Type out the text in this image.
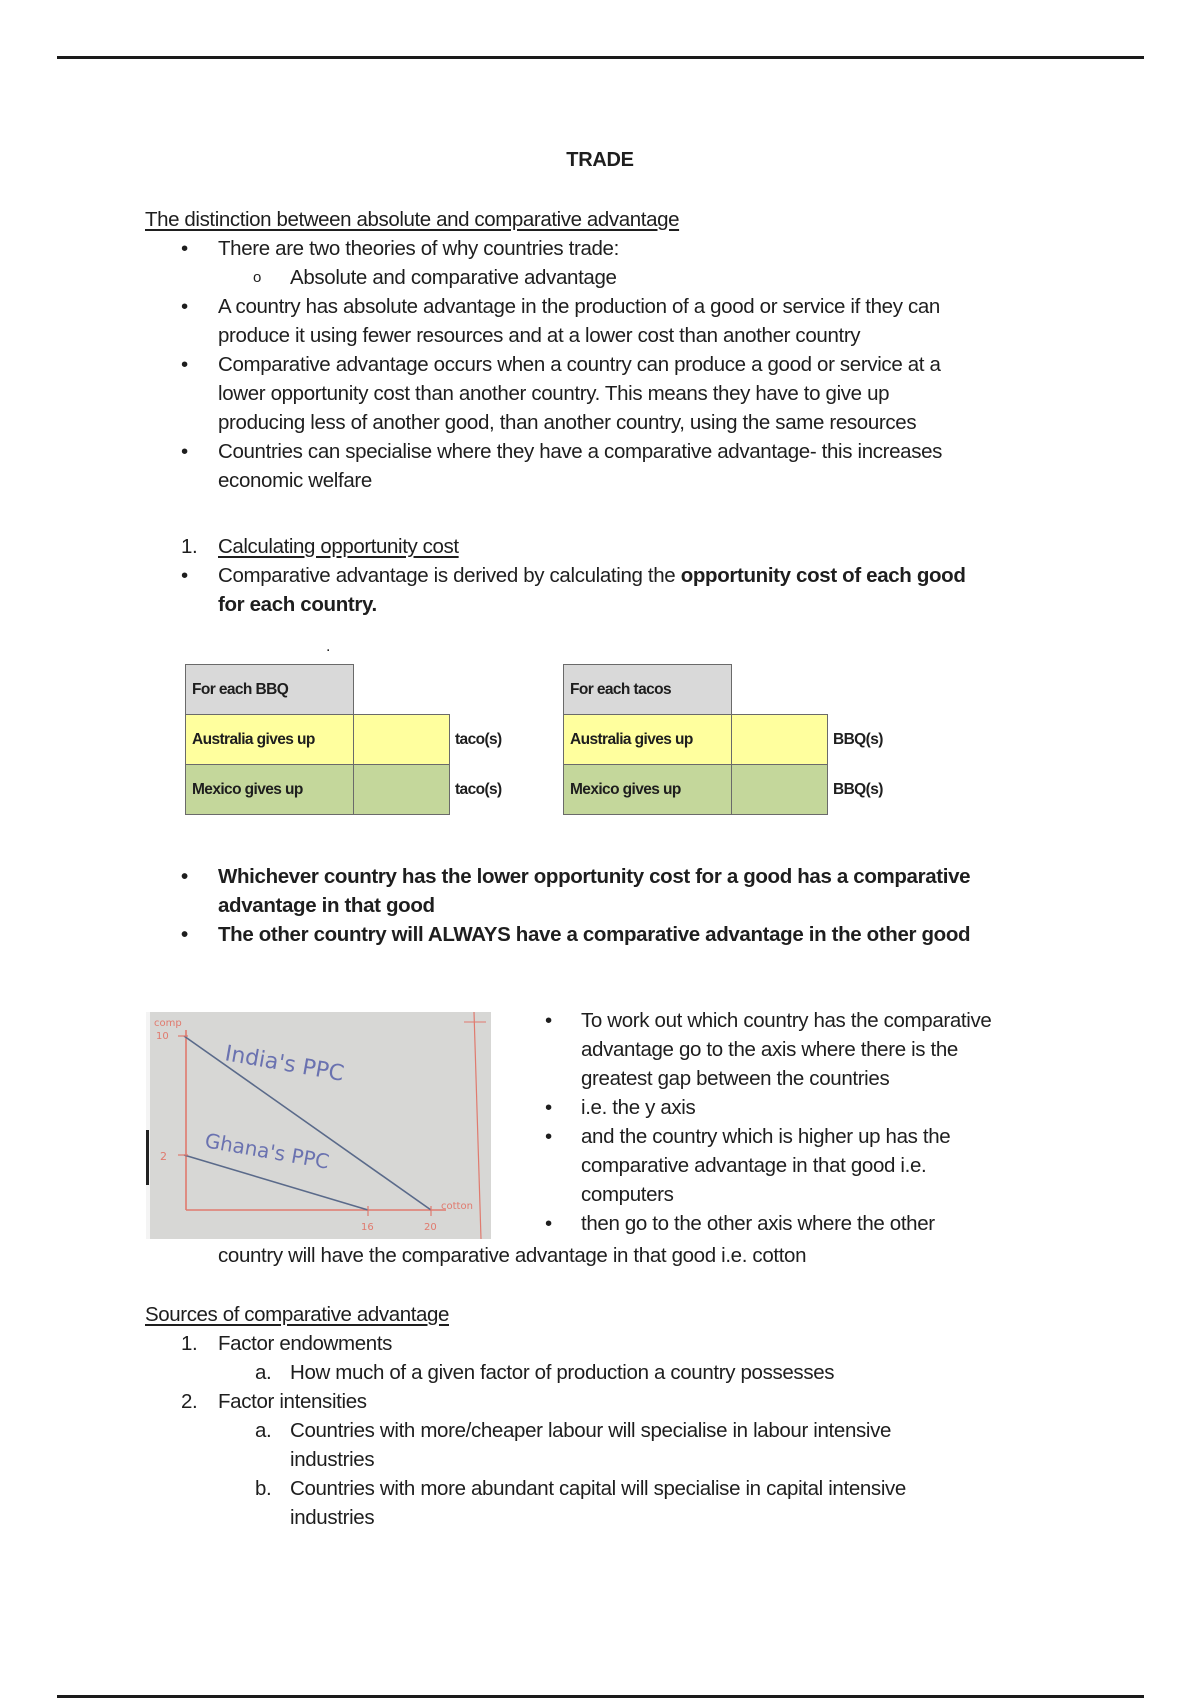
TRADE
The distinction between absolute and comparative advantage
• There are two theories of why countries trade:
o Absolute and comparative advantage
• A country has absolute advantage in the production of a good or service if they can
produce it using fewer resources and at a lower cost than another country
• Comparative advantage occurs when a country can produce a good or service at a
lower opportunity cost than another country. This means they have to give up
producing less of another good, than another country, using the same resources
• Countries can specialise where they have a comparative advantage- this increases
economic welfare
1. Calculating opportunity cost
• Comparative advantage is derived by calculating the opportunity cost of each good
for each country.
.
For each BBQ		
Australia gives up		taco(s)
Mexico gives up		taco(s)
For each tacos		
Australia gives up		BBQ(s)
Mexico gives up		BBQ(s)
• Whichever country has the lower opportunity cost for a good has a comparative
advantage in that good
• The other country will ALWAYS have a comparative advantage in the other good
comp
10
2
16	20
cotton
India's PPC
Ghana's PPC
• To work out which country has the comparative
advantage go to the axis where there is the
greatest gap between the countries
• i.e. the y axis
• and the country which is higher up has the
comparative advantage in that good i.e.
computers
• then go to the other axis where the other
country will have the comparative advantage in that good i.e. cotton
Sources of comparative advantage
1. Factor endowments
a. How much of a given factor of production a country possesses
2. Factor intensities
a. Countries with more/cheaper labour will specialise in labour intensive
industries
b. Countries with more abundant capital will specialise in capital intensive
industries
